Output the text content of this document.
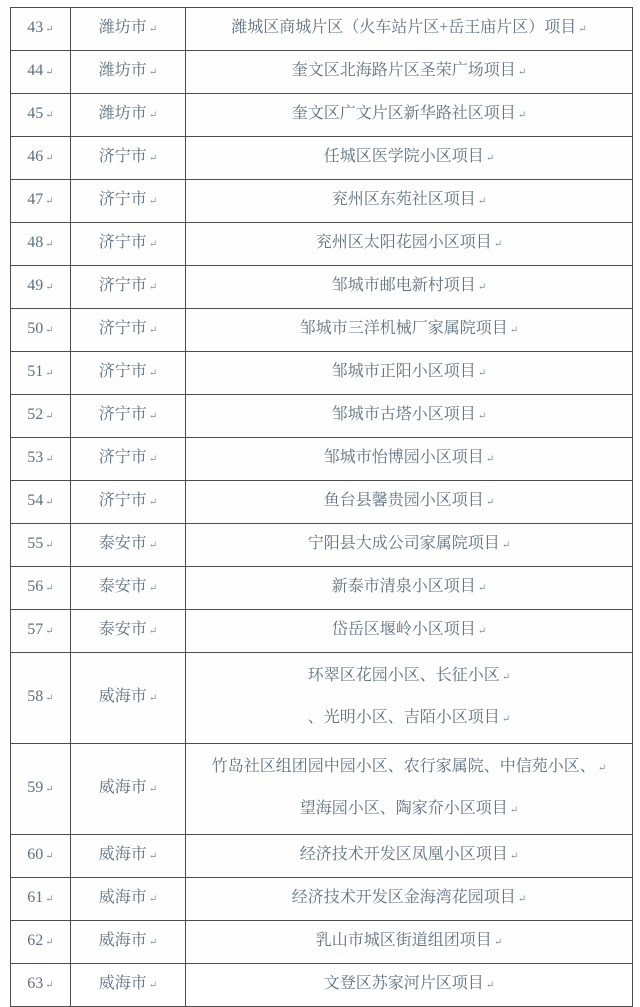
43 ↵	潍坊市 ↵	潍城区商城片区（火车站片区+岳王庙片区）项目 ↵

44 ↵	潍坊市 ↵	奎文区北海路片区圣荣广场项目 ↵

45 ↵	潍坊市 ↵	奎文区广文片区新华路社区项目 ↵

46 ↵	济宁市 ↵	任城区医学院小区项目 ↵

47 ↵	济宁市 ↵	兖州区东苑社区项目 ↵

48 ↵	济宁市 ↵	兖州区太阳花园小区项目 ↵

49 ↵	济宁市 ↵	邹城市邮电新村项目 ↵

50 ↵	济宁市 ↵	邹城市三洋机械厂家属院项目 ↵

51 ↵	济宁市 ↵	邹城市正阳小区项目 ↵

52 ↵	济宁市 ↵	邹城市古塔小区项目 ↵

53 ↵	济宁市 ↵	邹城市怡博园小区项目 ↵

54 ↵	济宁市 ↵	鱼台县馨贵园小区项目 ↵

55 ↵	泰安市 ↵	宁阳县大成公司家属院项目 ↵

56 ↵	泰安市 ↵	新泰市清泉小区项目 ↵

57 ↵	泰安市 ↵	岱岳区堰岭小区项目 ↵

58 ↵	威海市 ↵	环翠区花园小区、长征小区 ↵
、光明小区、吉陌小区项目 ↵

59 ↵	威海市 ↵	竹岛社区组团园中园小区、农行家属院、中信苑小区、 ↵
望海园小区、陶家夼小区项目 ↵

60 ↵	威海市 ↵	经济技术开发区凤凰小区项目 ↵

61 ↵	威海市 ↵	经济技术开发区金海湾花园项目 ↵

62 ↵	威海市 ↵	乳山市城区街道组团项目 ↵

63 ↵	威海市 ↵	文登区苏家河片区项目 ↵
